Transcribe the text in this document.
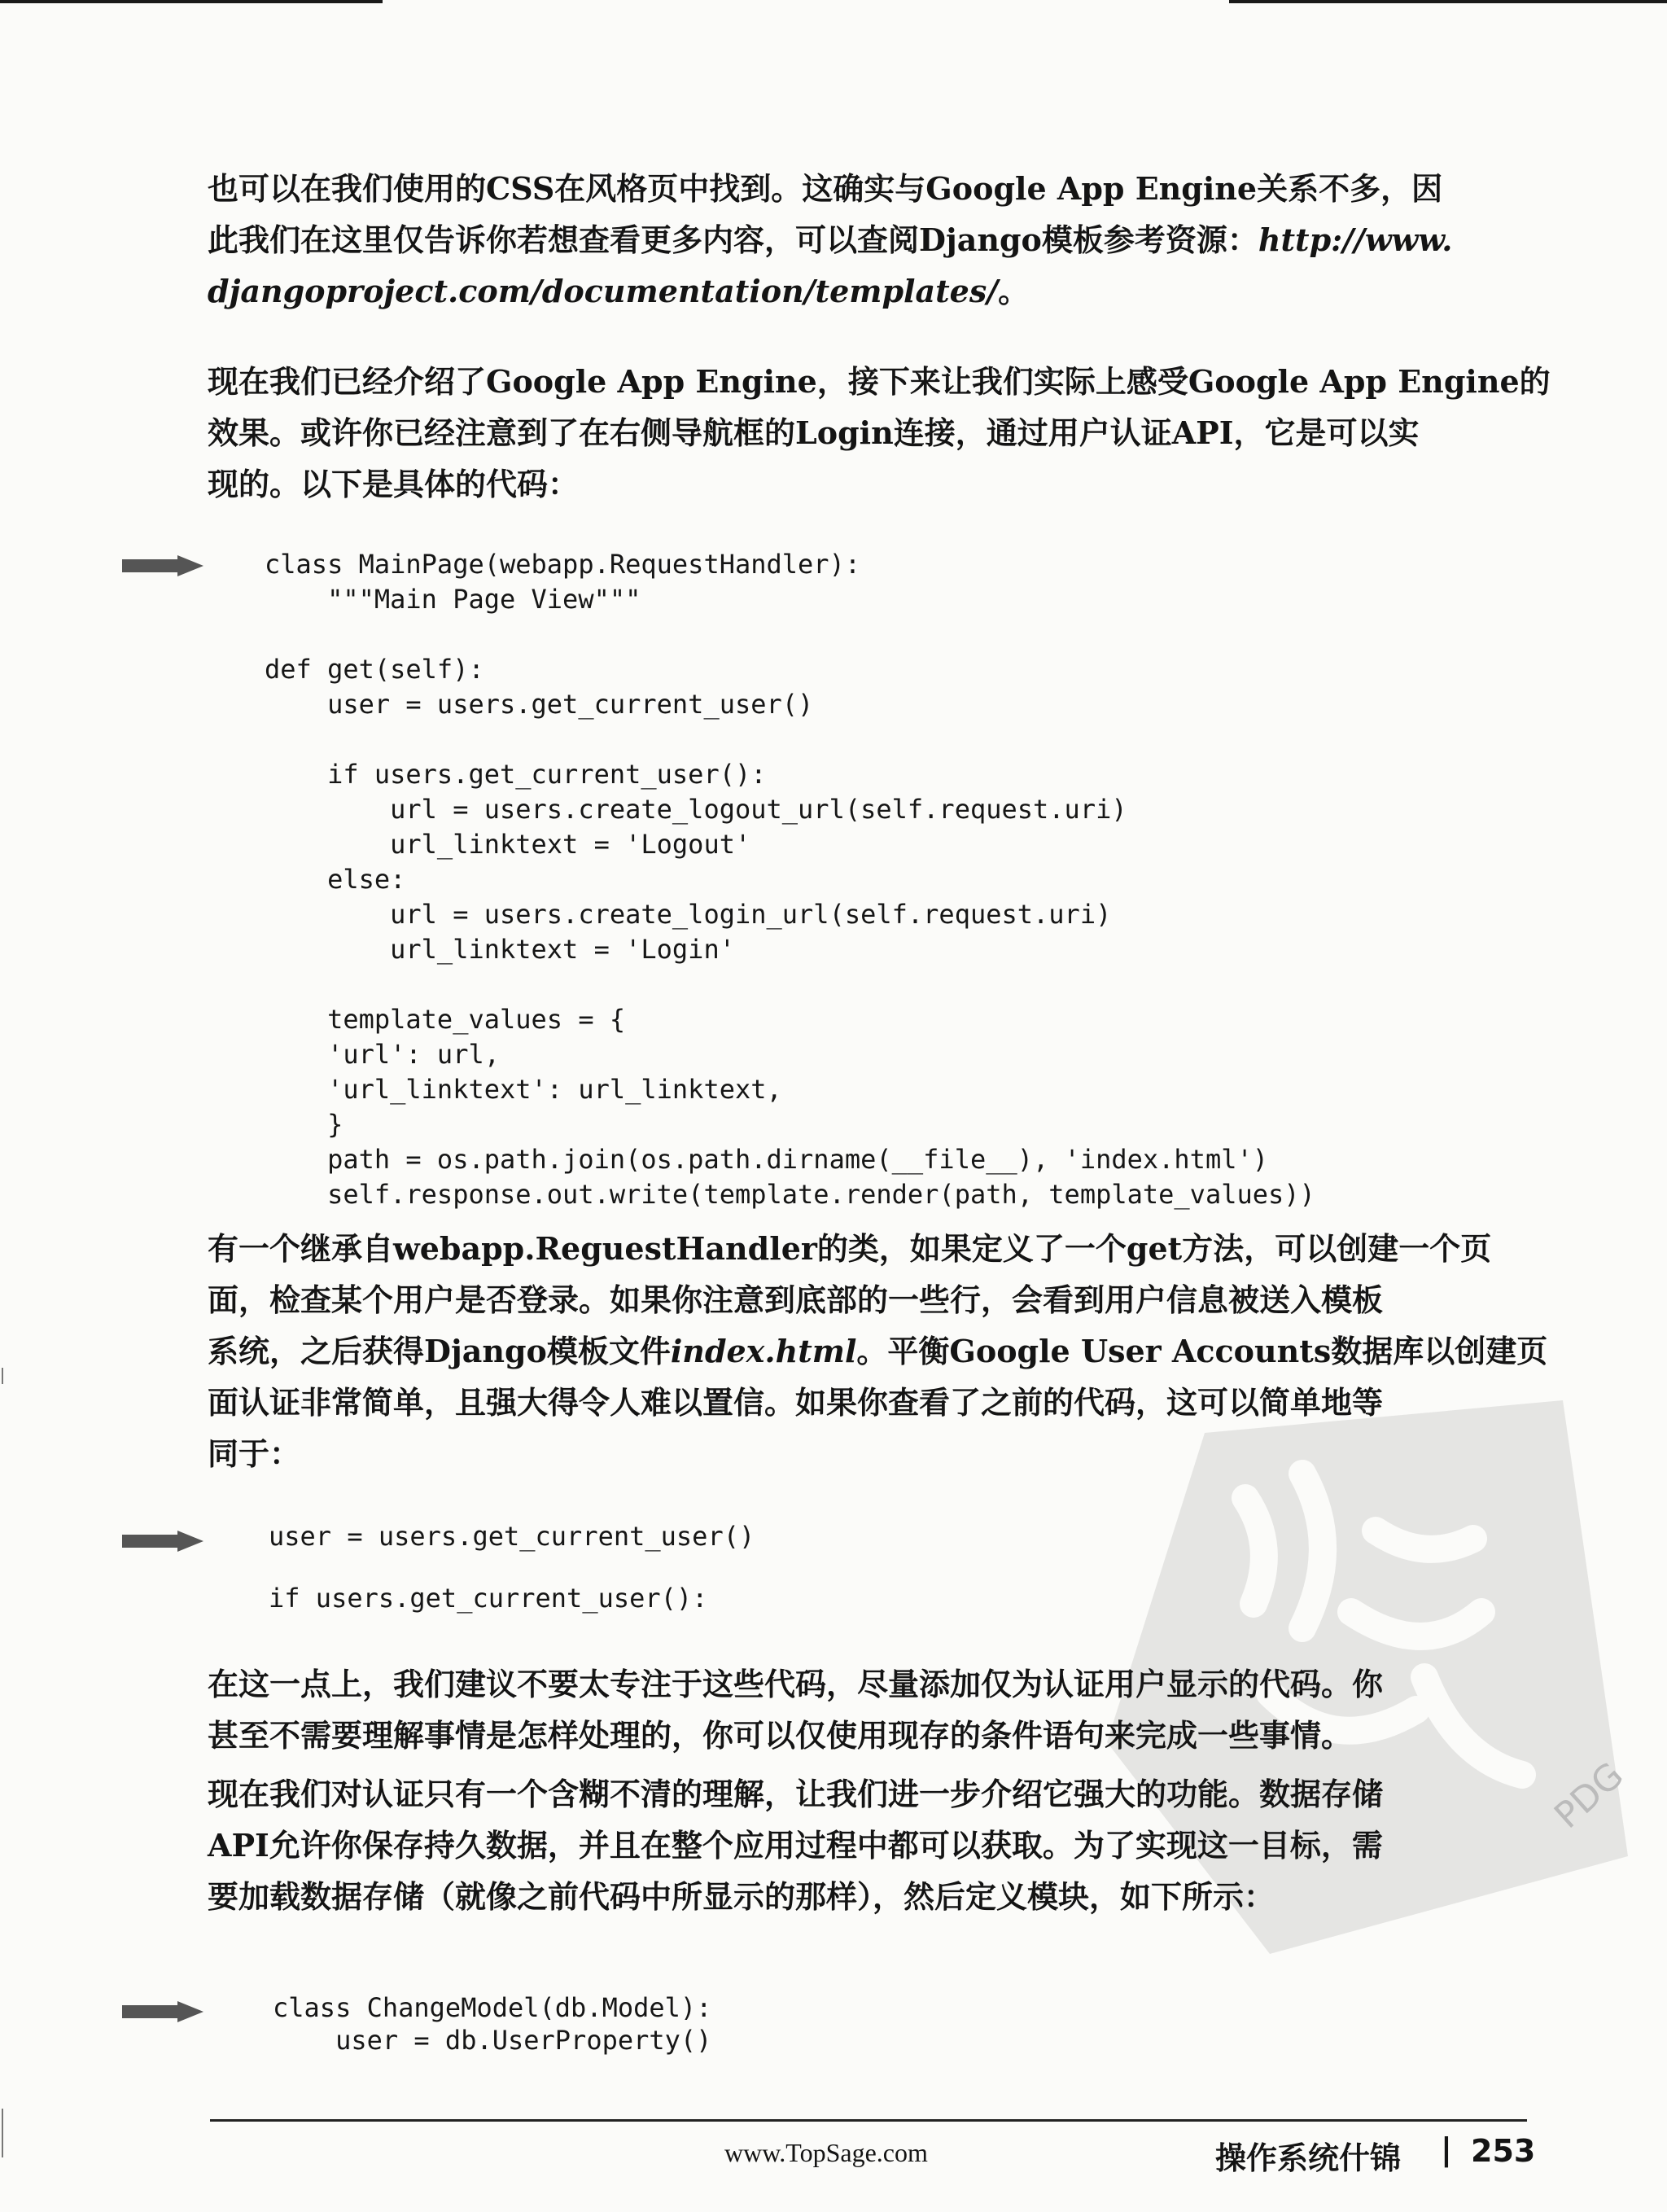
PDG

也可以在我们使用的CSS在风格页中找到。这确实与Google App Engine关系不多，因
此我们在这里仅告诉你若想查看更多内容，可以查阅Django模板参考资源：http://www.
djangoproject.com/documentation/templates/。

现在我们已经介绍了Google App Engine，接下来让我们实际上感受Google App Engine的
效果。或许你已经注意到了在右侧导航框的Login连接，通过用户认证API，它是可以实
现的。以下是具体的代码：

class MainPage(webapp.RequestHandler):
"""Main Page View"""

def get(self):
user = users.get_current_user()

if users.get_current_user():
url = users.create_logout_url(self.request.uri)
url_linktext = 'Logout'
else:
url = users.create_login_url(self.request.uri)
url_linktext = 'Login'

template_values = {
'url': url,
'url_linktext': url_linktext,
}
path = os.path.join(os.path.dirname(__file__), 'index.html')
self.response.out.write(template.render(path, template_values))

有一个继承自webapp.ReguestHandler的类，如果定义了一个get方法，可以创建一个页
面，检查某个用户是否登录。如果你注意到底部的一些行，会看到用户信息被送入模板
系统，之后获得Django模板文件index.html。平衡Google User Accounts数据库以创建页
面认证非常简单，且强大得令人难以置信。如果你查看了之前的代码，这可以简单地等
同于：

user = users.get_current_user()

if users.get_current_user():

在这一点上，我们建议不要太专注于这些代码，尽量添加仅为认证用户显示的代码。你
甚至不需要理解事情是怎样处理的，你可以仅使用现存的条件语句来完成一些事情。

现在我们对认证只有一个含糊不清的理解，让我们进一步介绍它强大的功能。数据存储
API允许你保存持久数据，并且在整个应用过程中都可以获取。为了实现这一目标，需
要加载数据存储（就像之前代码中所显示的那样），然后定义模块，如下所示：

class ChangeModel(db.Model):
user = db.UserProperty()
www.TopSage.com	操作系统什锦 | 253
